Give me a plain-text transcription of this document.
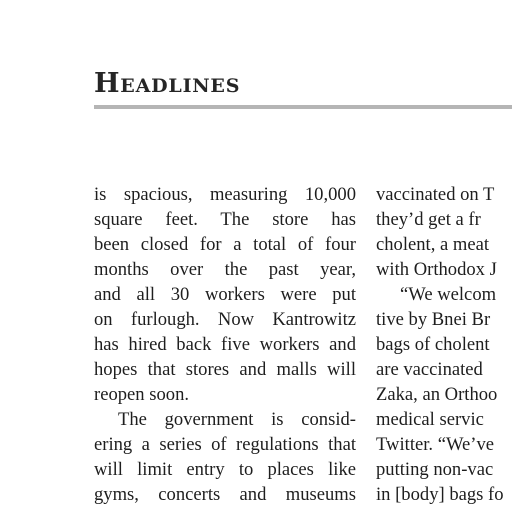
Headlines
is spacious, measuring 10,000
square feet. The store has
been closed for a total of four
months over the past year,
and all 30 workers were put
on furlough. Now Kantrowitz
has hired back five workers and
hopes that stores and malls will
reopen soon.
The government is consid-
ering a series of regulations that
will limit entry to places like
gyms, concerts and museums
vaccinated on T
they’d get a fr
cholent, a meat
with Orthodox J
“We welcom
tive by Bnei Br
bags of cholent
are vaccinated
Zaka, an Orthoo
medical servic
Twitter. “We’ve
putting non-vac
in [body] bags fo
